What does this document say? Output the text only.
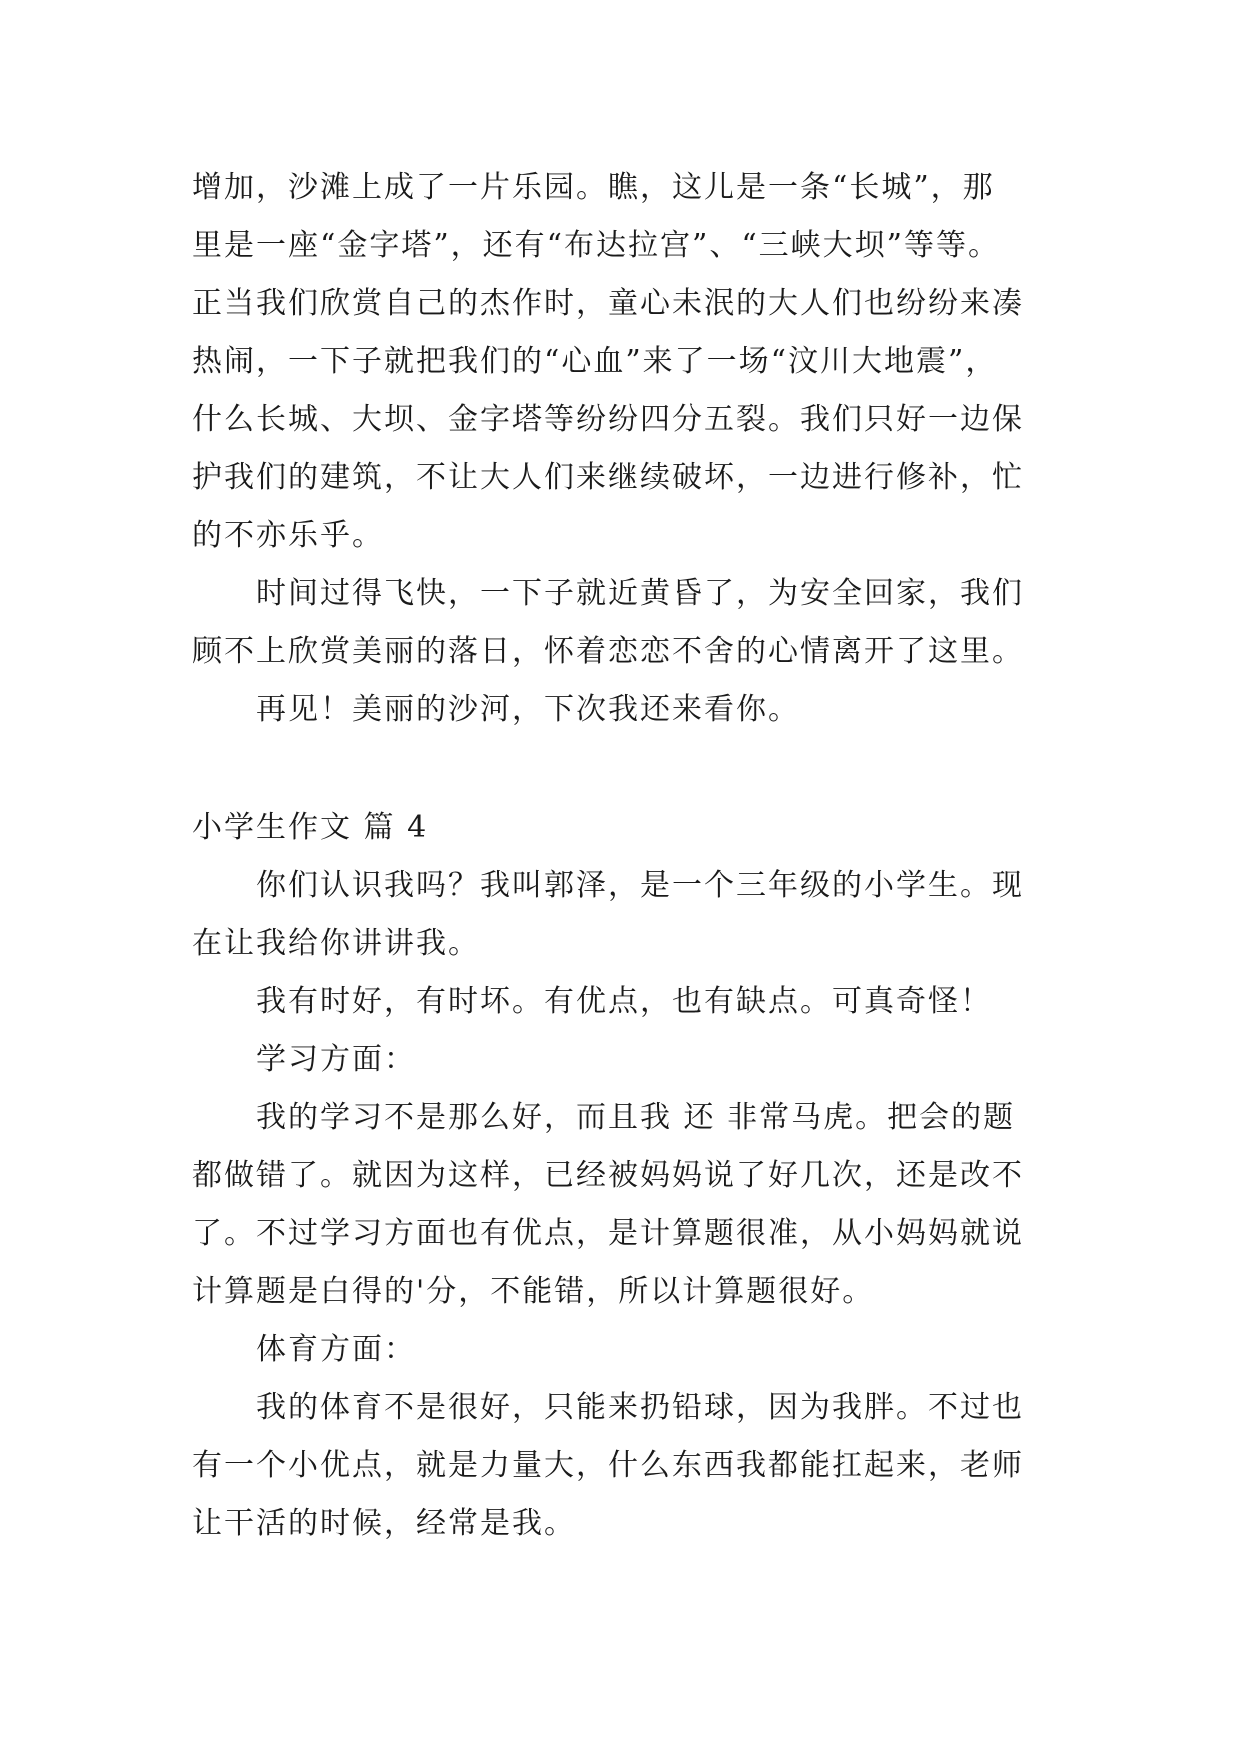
增加，沙滩上成了一片乐园。瞧，这儿是一条“长城”，那
里是一座“金字塔”，还有“布达拉宫”、“三峡大坝”等等。
正当我们欣赏自己的杰作时，童心未泯的大人们也纷纷来凑
热闹，一下子就把我们的“心血”来了一场“汶川大地震”，
什么长城、大坝、金字塔等纷纷四分五裂。我们只好一边保
护我们的建筑，不让大人们来继续破坏，一边进行修补，忙
的不亦乐乎。
时间过得飞快，一下子就近黄昏了，为安全回家，我们
顾不上欣赏美丽的落日，怀着恋恋不舍的心情离开了这里。
再见！美丽的沙河，下次我还来看你。
小学生作文 篇 4
你们认识我吗？我叫郭泽，是一个三年级的小学生。现
在让我给你讲讲我。
我有时好，有时坏。有优点，也有缺点。可真奇怪！
学习方面：
我的学习不是那么好，而且我 还 非常马虎。把会的题
都做错了。就因为这样，已经被妈妈说了好几次，还是改不
了。不过学习方面也有优点，是计算题很准，从小妈妈就说
计算题是白得的'分，不能错，所以计算题很好。
体育方面：
我的体育不是很好，只能来扔铅球，因为我胖。不过也
有一个小优点，就是力量大，什么东西我都能扛起来，老师
让干活的时候，经常是我。
